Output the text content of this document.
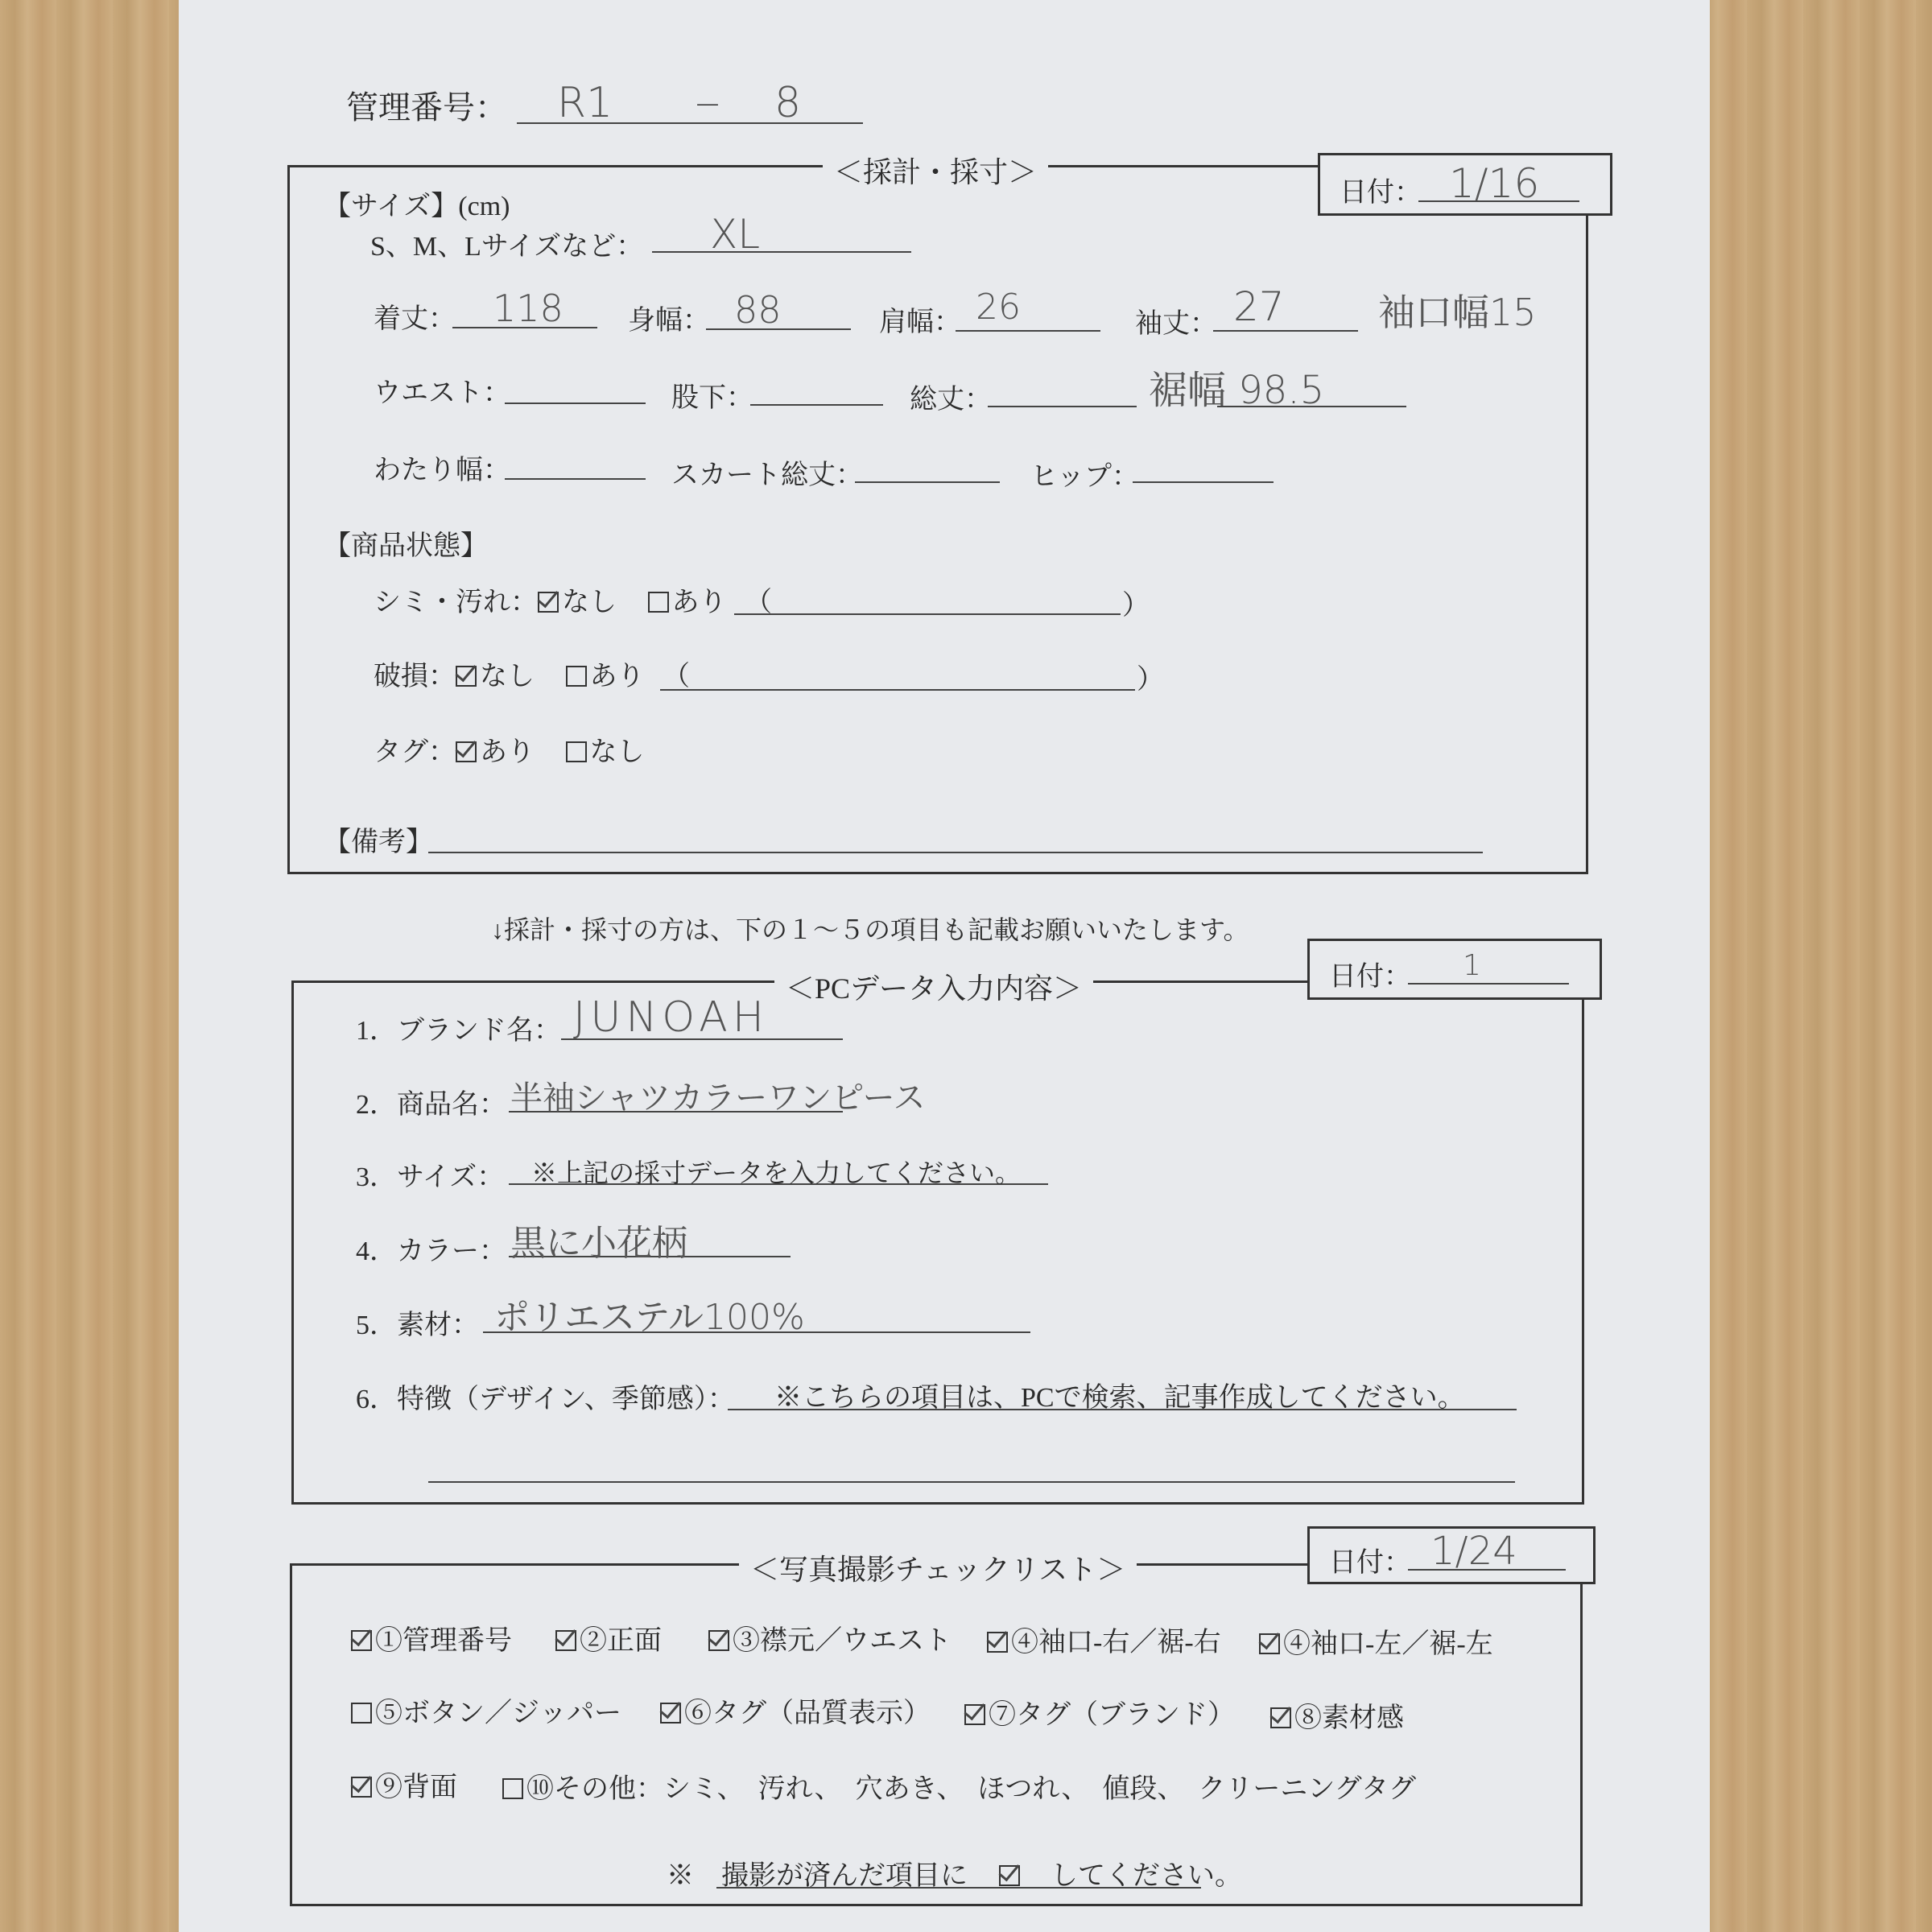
管理番号： R1	－ 8
＜採計・採寸＞
日付： 1/16
【サイズ】(cm)
S、M、Lサイズなど： XL
着丈： 118 身幅： 88	肩幅： 26	袖丈： 27	袖口幅15
ウエスト：	股下：	総丈：	裾幅 98.5
わたり幅：	スカート総丈：	ヒップ：
【商品状態】
シミ・汚れ： なし あり （	）
破損： なし あり （	）
タグ： あり なし
【備考】
↓採計・採寸の方は、下の１～５の項目も記載お願いいたします。
＜PCデータ入力内容＞	日付： 1
1．ブランド名： JUNOAH
2．商品名： 半袖シャツカラーワンピース
3．サイズ： ※上記の採寸データを入力してください。
4．カラー： 黒に小花柄
5．素材： ポリエステル100%
6．特徴（デザイン、季節感）： ※こちらの項目は、PCで検索、記事作成してください。
＜写真撮影チェックリスト＞	日付： 1/24
①管理番号	②正面	③襟元／ウエスト	④袖口-右／裾-右	④袖口-左／裾-左
⑤ボタン／ジッパー	⑥タグ（品質表示）	⑦タグ（ブランド）	⑧素材感
⑨背面	⑩その他：シミ、　汚れ、　穴あき、　ほつれ、　値段、　クリーニングタグ
※　撮影が済んだ項目に	してください。
